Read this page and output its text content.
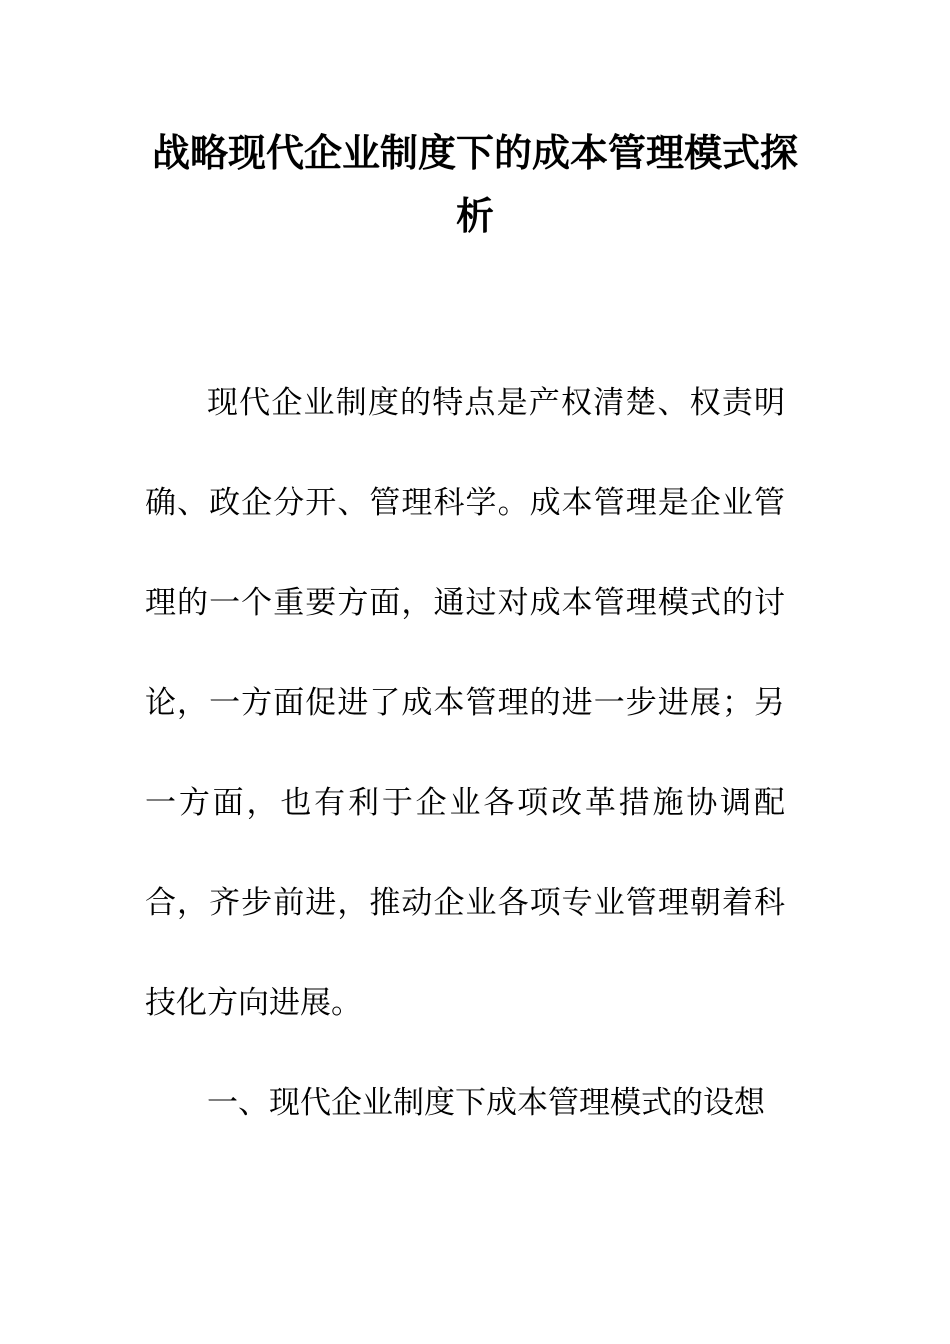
战略现代企业制度下的成本管理模式探析

现代企业制度的特点是产权清楚、权责明确、政企分开、管理科学。成本管理是企业管理的一个重要方面，通过对成本管理模式的讨论，一方面促进了成本管理的进一步进展；另一方面，也有利于企业各项改革措施协调配合，齐步前进，推动企业各项专业管理朝着科技化方向进展。

一、现代企业制度下成本管理模式的设想
